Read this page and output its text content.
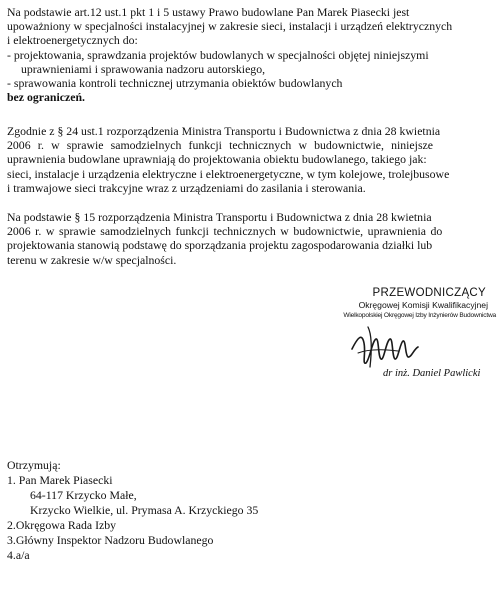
Na podstawie art.12 ust.1 pkt 1 i 5 ustawy Prawo budowlane Pan Marek Piasecki jest
upoważniony w specjalności instalacyjnej w zakresie sieci, instalacji i urządzeń elektrycznych
i elektroenergetycznych do:
- projektowania, sprawdzania projektów budowlanych w specjalności objętej niniejszymi
uprawnieniami i sprawowania nadzoru autorskiego,
- sprawowania kontroli technicznej utrzymania obiektów budowlanych
bez ograniczeń.
Zgodnie z § 24 ust.1 rozporządzenia Ministra Transportu i Budownictwa z dnia 28 kwietnia
2006 r. w sprawie samodzielnych funkcji technicznych w budownictwie, niniejsze
uprawnienia budowlane uprawniają do projektowania obiektu budowlanego, takiego jak:
sieci, instalacje i urządzenia elektryczne i elektroenergetyczne, w tym kolejowe, trolejbusowe
i tramwajowe sieci trakcyjne wraz z urządzeniami do zasilania i sterowania.
Na podstawie § 15 rozporządzenia Ministra Transportu i Budownictwa z dnia 28 kwietnia
2006 r. w sprawie samodzielnych funkcji technicznych w budownictwie, uprawnienia do
projektowania stanowią podstawę do sporządzania projektu zagospodarowania działki lub
terenu w zakresie w/w specjalności.
PRZEWODNICZĄCY
Okręgowej Komisji Kwalifikacyjnej
Wielkopolskiej Okręgowej Izby Inżynierów Budownictwa
dr inż. Daniel Pawlicki
Otrzymują:
1. Pan Marek Piasecki
64-117 Krzycko Małe,
Krzycko Wielkie, ul. Prymasa A. Krzyckiego 35
2.Okręgowa Rada Izby
3.Główny Inspektor Nadzoru Budowlanego
4.a/a
